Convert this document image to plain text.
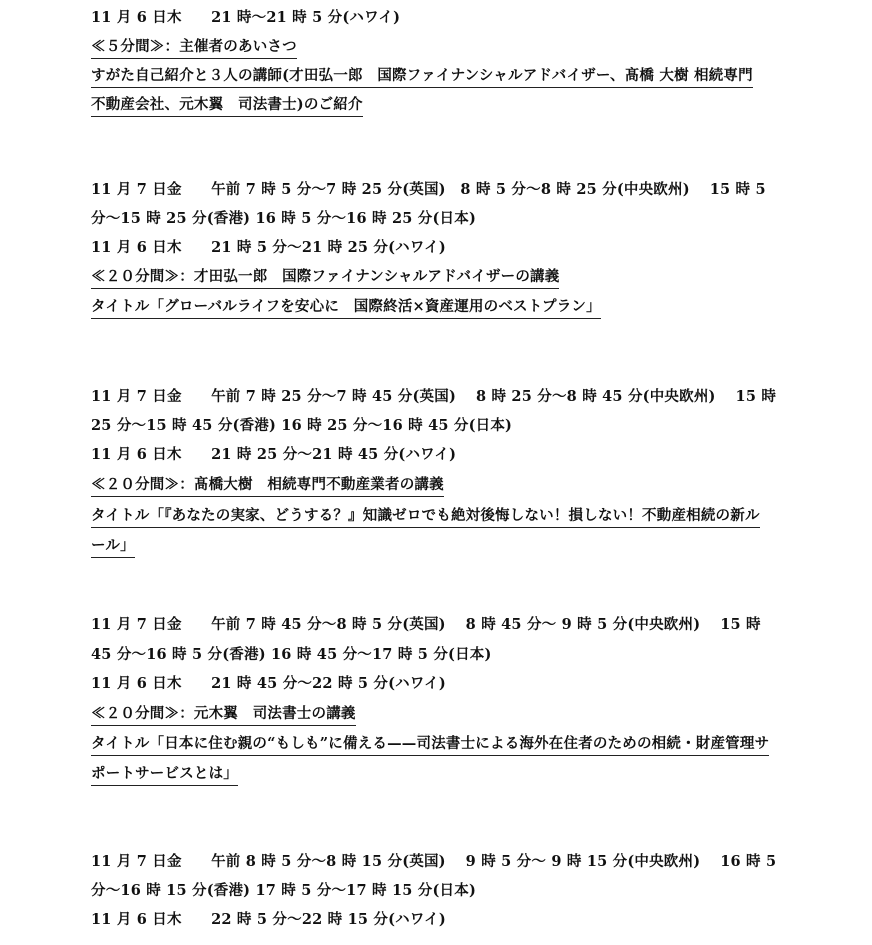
11 月 6 日木　　21 時〜21 時 5 分(ハワイ)
≪５分間≫：主催者のあいさつ
すがた自己紹介と３人の講師(才田弘一郎　国際ファイナンシャルアドバイザー、髙橋 大樹 相続専門
不動産会社、元木翼　司法書士)のご紹介
11 月 7 日金　　午前 7 時 5 分〜7 時 25 分(英国)　8 時 5 分〜8 時 25 分(中央欧州)　 15 時 5
分〜15 時 25 分(香港) 16 時 5 分〜16 時 25 分(日本)
11 月 6 日木　　21 時 5 分〜21 時 25 分(ハワイ)
≪２０分間≫：才田弘一郎　国際ファイナンシャルアドバイザーの講義
タイトル「グローバルライフを安心に　国際終活×資産運用のベストプラン」
11 月 7 日金　　午前 7 時 25 分〜7 時 45 分(英国)　 8 時 25 分〜8 時 45 分(中央欧州)　 15 時
25 分〜15 時 45 分(香港) 16 時 25 分〜16 時 45 分(日本)
11 月 6 日木　　21 時 25 分〜21 時 45 分(ハワイ)
≪２０分間≫：髙橋大樹　相続専門不動産業者の講義
タイトル「『あなたの実家、どうする？』知識ゼロでも絶対後悔しない！損しない！不動産相続の新ル
ール」
11 月 7 日金　　午前 7 時 45 分〜8 時 5 分(英国)　 8 時 45 分〜 9 時 5 分(中央欧州)　 15 時
45 分〜16 時 5 分(香港) 16 時 45 分〜17 時 5 分(日本)
11 月 6 日木　　21 時 45 分〜22 時 5 分(ハワイ)
≪２０分間≫：元木翼　司法書士の講義
タイトル「日本に住む親の“もしも”に備える——司法書士による海外在住者のための相続・財産管理サ
ポートサービスとは」
11 月 7 日金　　午前 8 時 5 分〜8 時 15 分(英国)　 9 時 5 分〜 9 時 15 分(中央欧州)　 16 時 5
分〜16 時 15 分(香港) 17 時 5 分〜17 時 15 分(日本)
11 月 6 日木　　22 時 5 分〜22 時 15 分(ハワイ)
